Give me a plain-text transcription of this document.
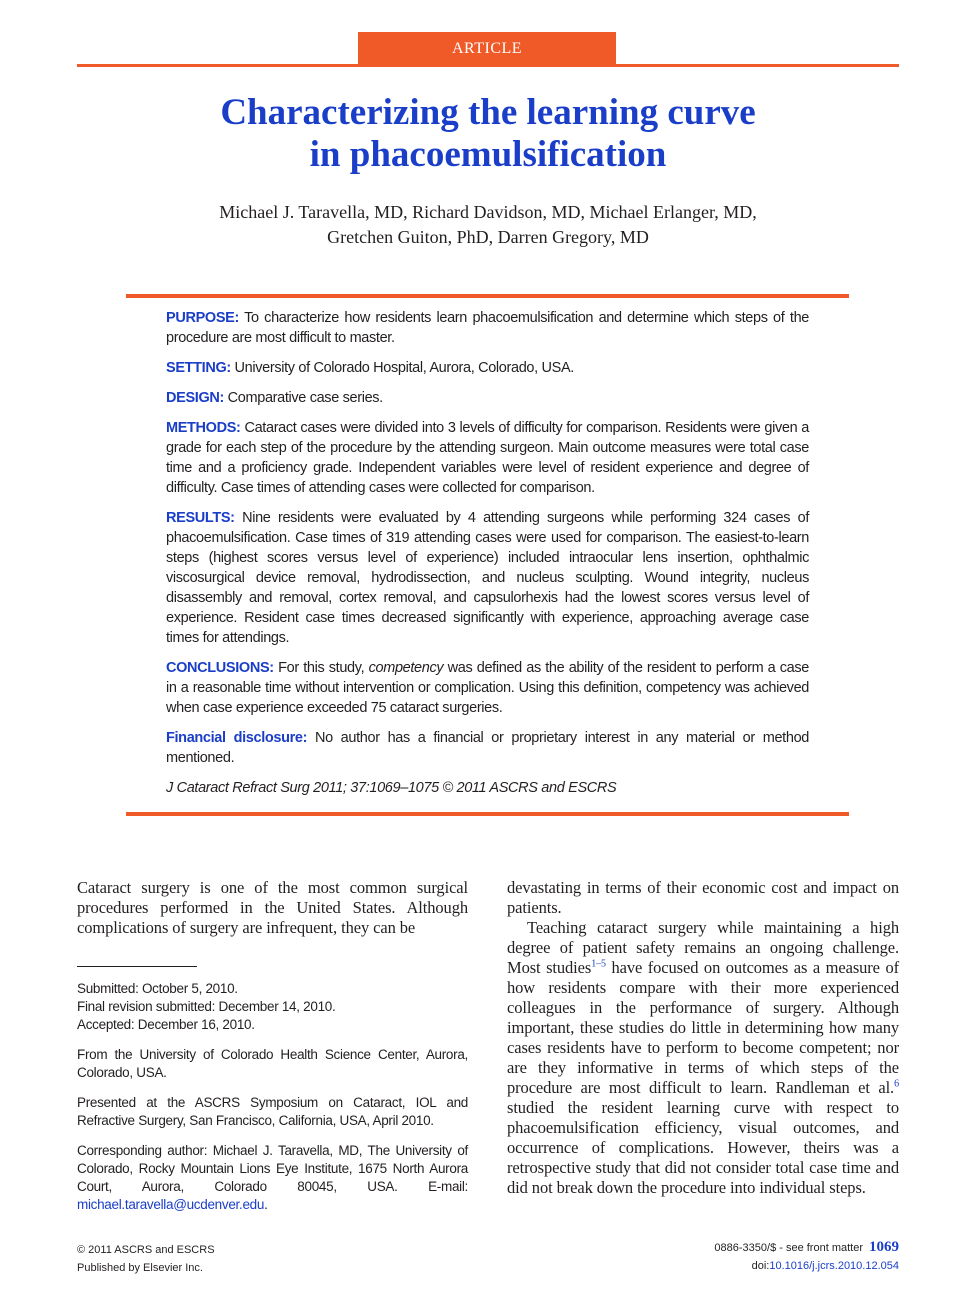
ARTICLE
Characterizing the learning curve
in phacoemulsification
Michael J. Taravella, MD, Richard Davidson, MD, Michael Erlanger, MD,
Gretchen Guiton, PhD, Darren Gregory, MD

PURPOSE: To characterize how residents learn phacoemulsification and determine which steps of the procedure are most difficult to master.

SETTING: University of Colorado Hospital, Aurora, Colorado, USA.

DESIGN: Comparative case series.

METHODS: Cataract cases were divided into 3 levels of difficulty for comparison. Residents were given a grade for each step of the procedure by the attending surgeon. Main outcome measures were total case time and a proficiency grade. Independent variables were level of resident experience and degree of difficulty. Case times of attending cases were collected for comparison.

RESULTS: Nine residents were evaluated by 4 attending surgeons while performing 324 cases of phacoemulsification. Case times of 319 attending cases were used for comparison. The easiest-to-learn steps (highest scores versus level of experience) included intraocular lens insertion, ophthalmic viscosurgical device removal, hydrodissection, and nucleus sculpting. Wound integrity, nucleus disassembly and removal, cortex removal, and capsulorhexis had the lowest scores versus level of experience. Resident case times decreased significantly with experience, approaching average case times for attendings.

CONCLUSIONS: For this study, competency was defined as the ability of the resident to perform a case in a reasonable time without intervention or complication. Using this definition, competency was achieved when case experience exceeded 75 cataract surgeries.

Financial disclosure: No author has a financial or proprietary interest in any material or method mentioned.

J Cataract Refract Surg 2011; 37:1069–1075 © 2011 ASCRS and ESCRS

Cataract surgery is one of the most common surgical procedures performed in the United States. Although complications of surgery are infrequent, they can be

Submitted: October 5, 2010.

Final revision submitted: December 14, 2010.

Accepted: December 16, 2010.

From the University of Colorado Health Science Center, Aurora, Colorado, USA.

Presented at the ASCRS Symposium on Cataract, IOL and Refractive Surgery, San Francisco, California, USA, April 2010.

Corresponding author: Michael J. Taravella, MD, The University of Colorado, Rocky Mountain Lions Eye Institute, 1675 North Aurora Court, Aurora, Colorado 80045, USA. E-mail: michael.taravella@ucdenver.edu.

devastating in terms of their economic cost and impact on patients.

Teaching cataract surgery while maintaining a high degree of patient safety remains an ongoing challenge. Most studies$^{1-5}$ have focused on outcomes as a measure of how residents compare with their more experienced colleagues in the performance of surgery. Although important, these studies do little in determining how many cases residents have to perform to become competent; nor are they informative in terms of which steps of the procedure are most difficult to learn. Randleman et al.$^6$ studied the resident learning curve with respect to phacoemulsification efficiency, visual outcomes, and occurrence of complications. However, theirs was a retrospective study that did not consider total case time and did not break down the procedure into individual steps.

© 2011 ASCRS and ESCRS
Published by Elsevier Inc.
0886-3350/$ - see front matter 1069
doi:10.1016/j.jcrs.2010.12.054
